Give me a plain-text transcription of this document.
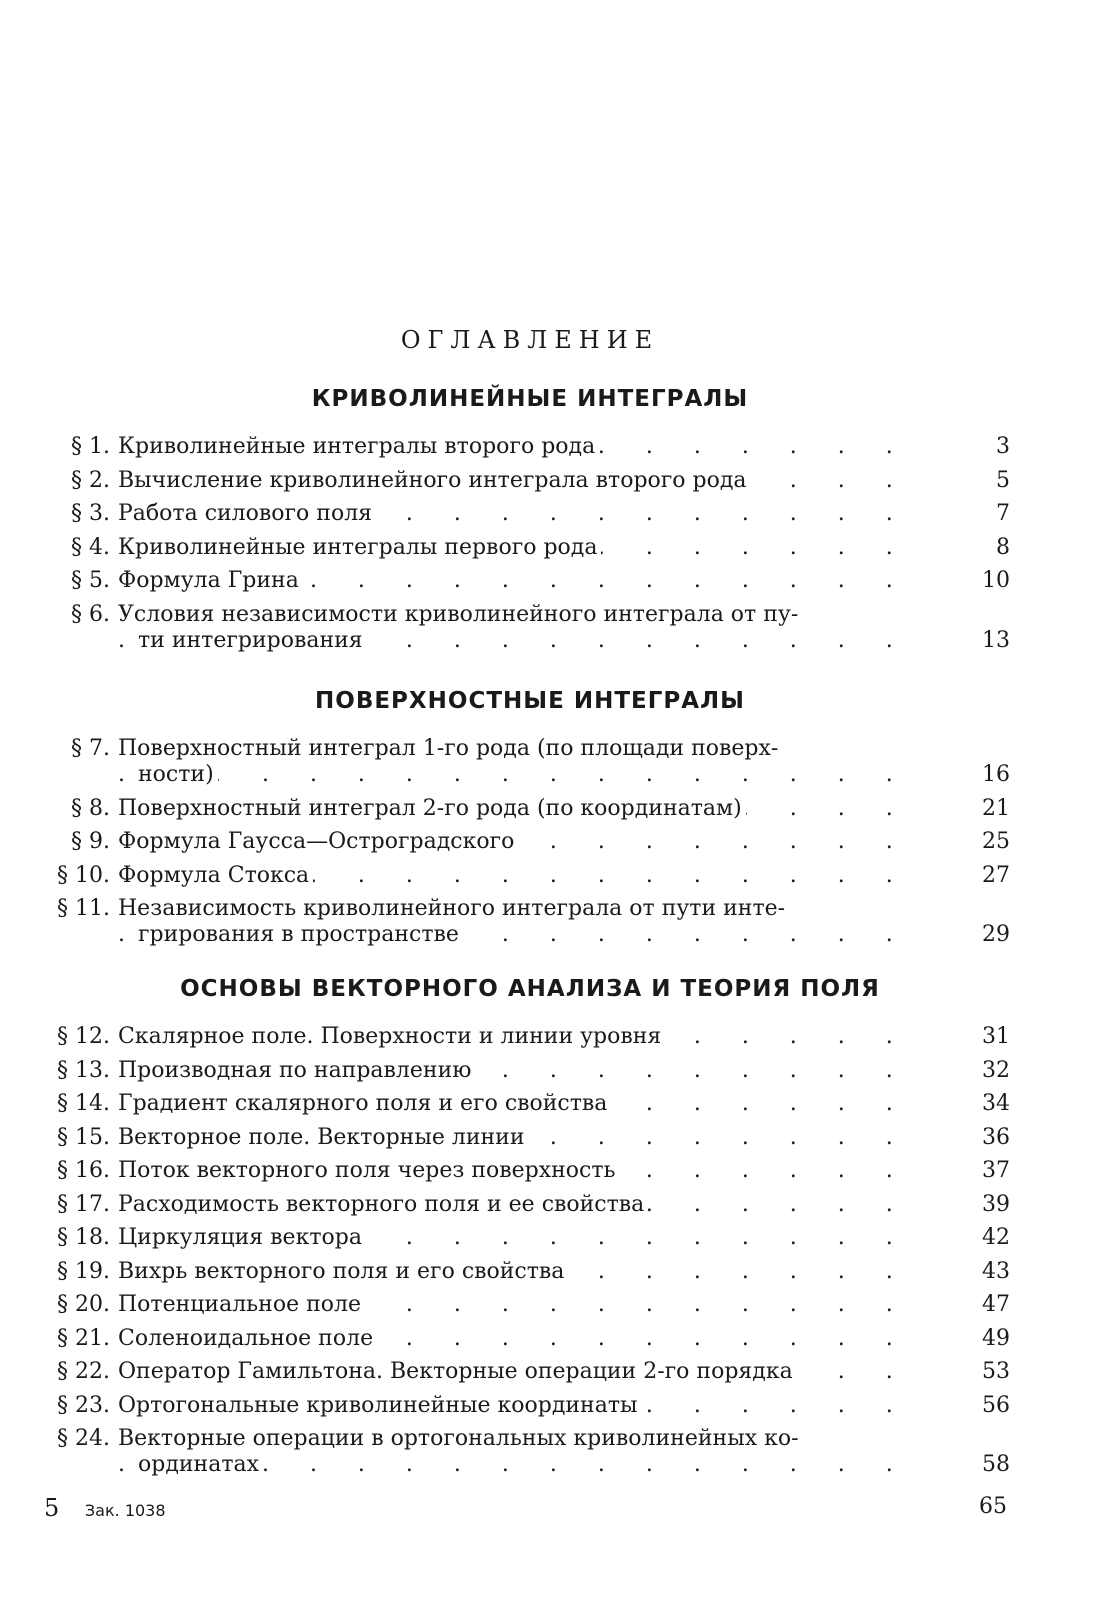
ОГЛАВЛЕНИЕ
КРИВОЛИНЕЙНЫЕ ИНТЕГРАЛЫ
§ 1. Криволинейные интегралы второго рода . . .	3
§ 2. Вычисление криволинейного интеграла второго рода . . .	5
§ 3. Работа силового поля . . .	7
§ 4. Криволинейные интегралы первого рода . . .	8
§ 5. Формула Грина . . .	10
§ 6. Условия независимости криволинейного интеграла от пу-
ти интегрирования . . .	13
ПОВЕРХНОСТНЫЕ ИНТЕГРАЛЫ
§ 7. Поверхностный интеграл 1-го рода (по площади поверх-
ности) . . .	16
§ 8. Поверхностный интеграл 2-го рода (по координатам) . . .	21
§ 9. Формула Гаусса—Остроградского . . .	25
§ 10. Формула Стокса . . .	27
§ 11. Независимость криволинейного интеграла от пути инте-
грирования в пространстве . . .	29
ОСНОВЫ ВЕКТОРНОГО АНАЛИЗА И ТЕОРИЯ ПОЛЯ
§ 12. Скалярное поле. Поверхности и линии уровня . . .	31
§ 13. Производная по направлению . . .	32
§ 14. Градиент скалярного поля и его свойства . . .	34
§ 15. Векторное поле. Векторные линии . . .	36
§ 16. Поток векторного поля через поверхность . . .	37
§ 17. Расходимость векторного поля и ее свойства . . .	39
§ 18. Циркуляция вектора . . .	42
§ 19. Вихрь векторного поля и его свойства . . .	43
§ 20. Потенциальное поле . . .	47
§ 21. Соленоидальное поле . . .	49
§ 22. Оператор Гамильтона. Векторные операции 2-го порядка . . .	53
§ 23. Ортогональные криволинейные координаты . . .	56
§ 24. Векторные операции в ортогональных криволинейных ко-
ординатах . . .	58
5 Зак. 1038	65
